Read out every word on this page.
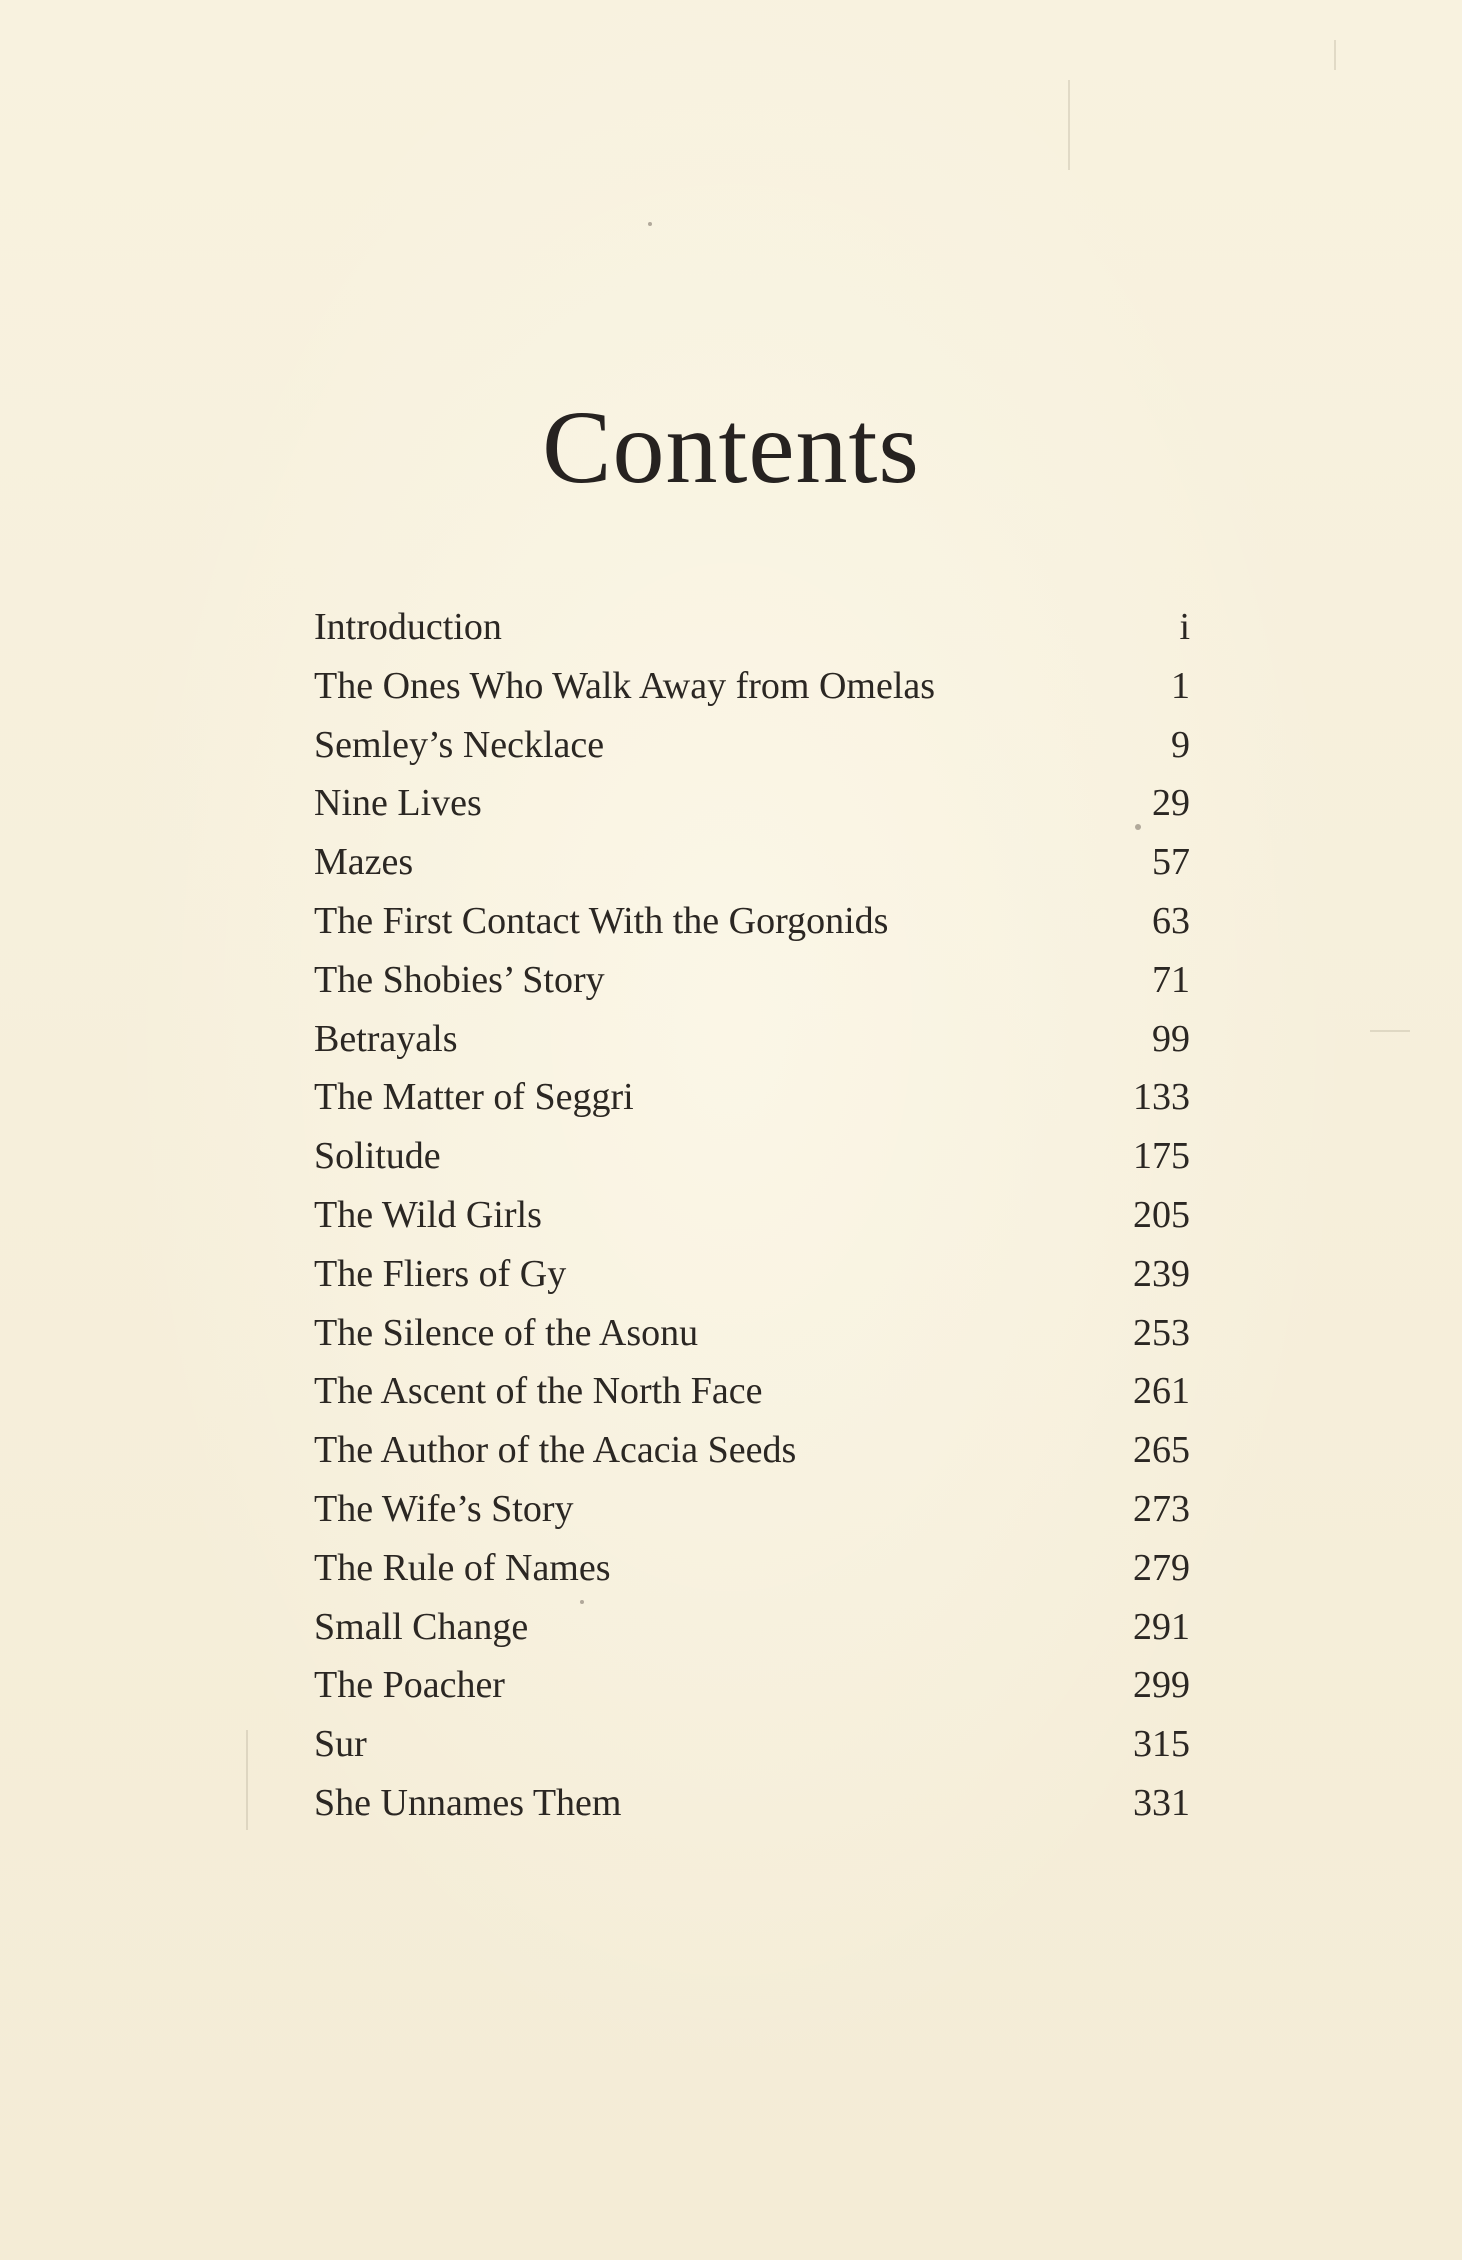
Contents
Introduction	i
The Ones Who Walk Away from Omelas	1
Semley’s Necklace	9
Nine Lives	29
Mazes	57
The First Contact With the Gorgonids	63
The Shobies’ Story	71
Betrayals	99
The Matter of Seggri	133
Solitude	175
The Wild Girls	205
The Fliers of Gy	239
The Silence of the Asonu	253
The Ascent of the North Face	261
The Author of the Acacia Seeds	265
The Wife’s Story	273
The Rule of Names	279
Small Change	291
The Poacher	299
Sur	315
She Unnames Them	331
